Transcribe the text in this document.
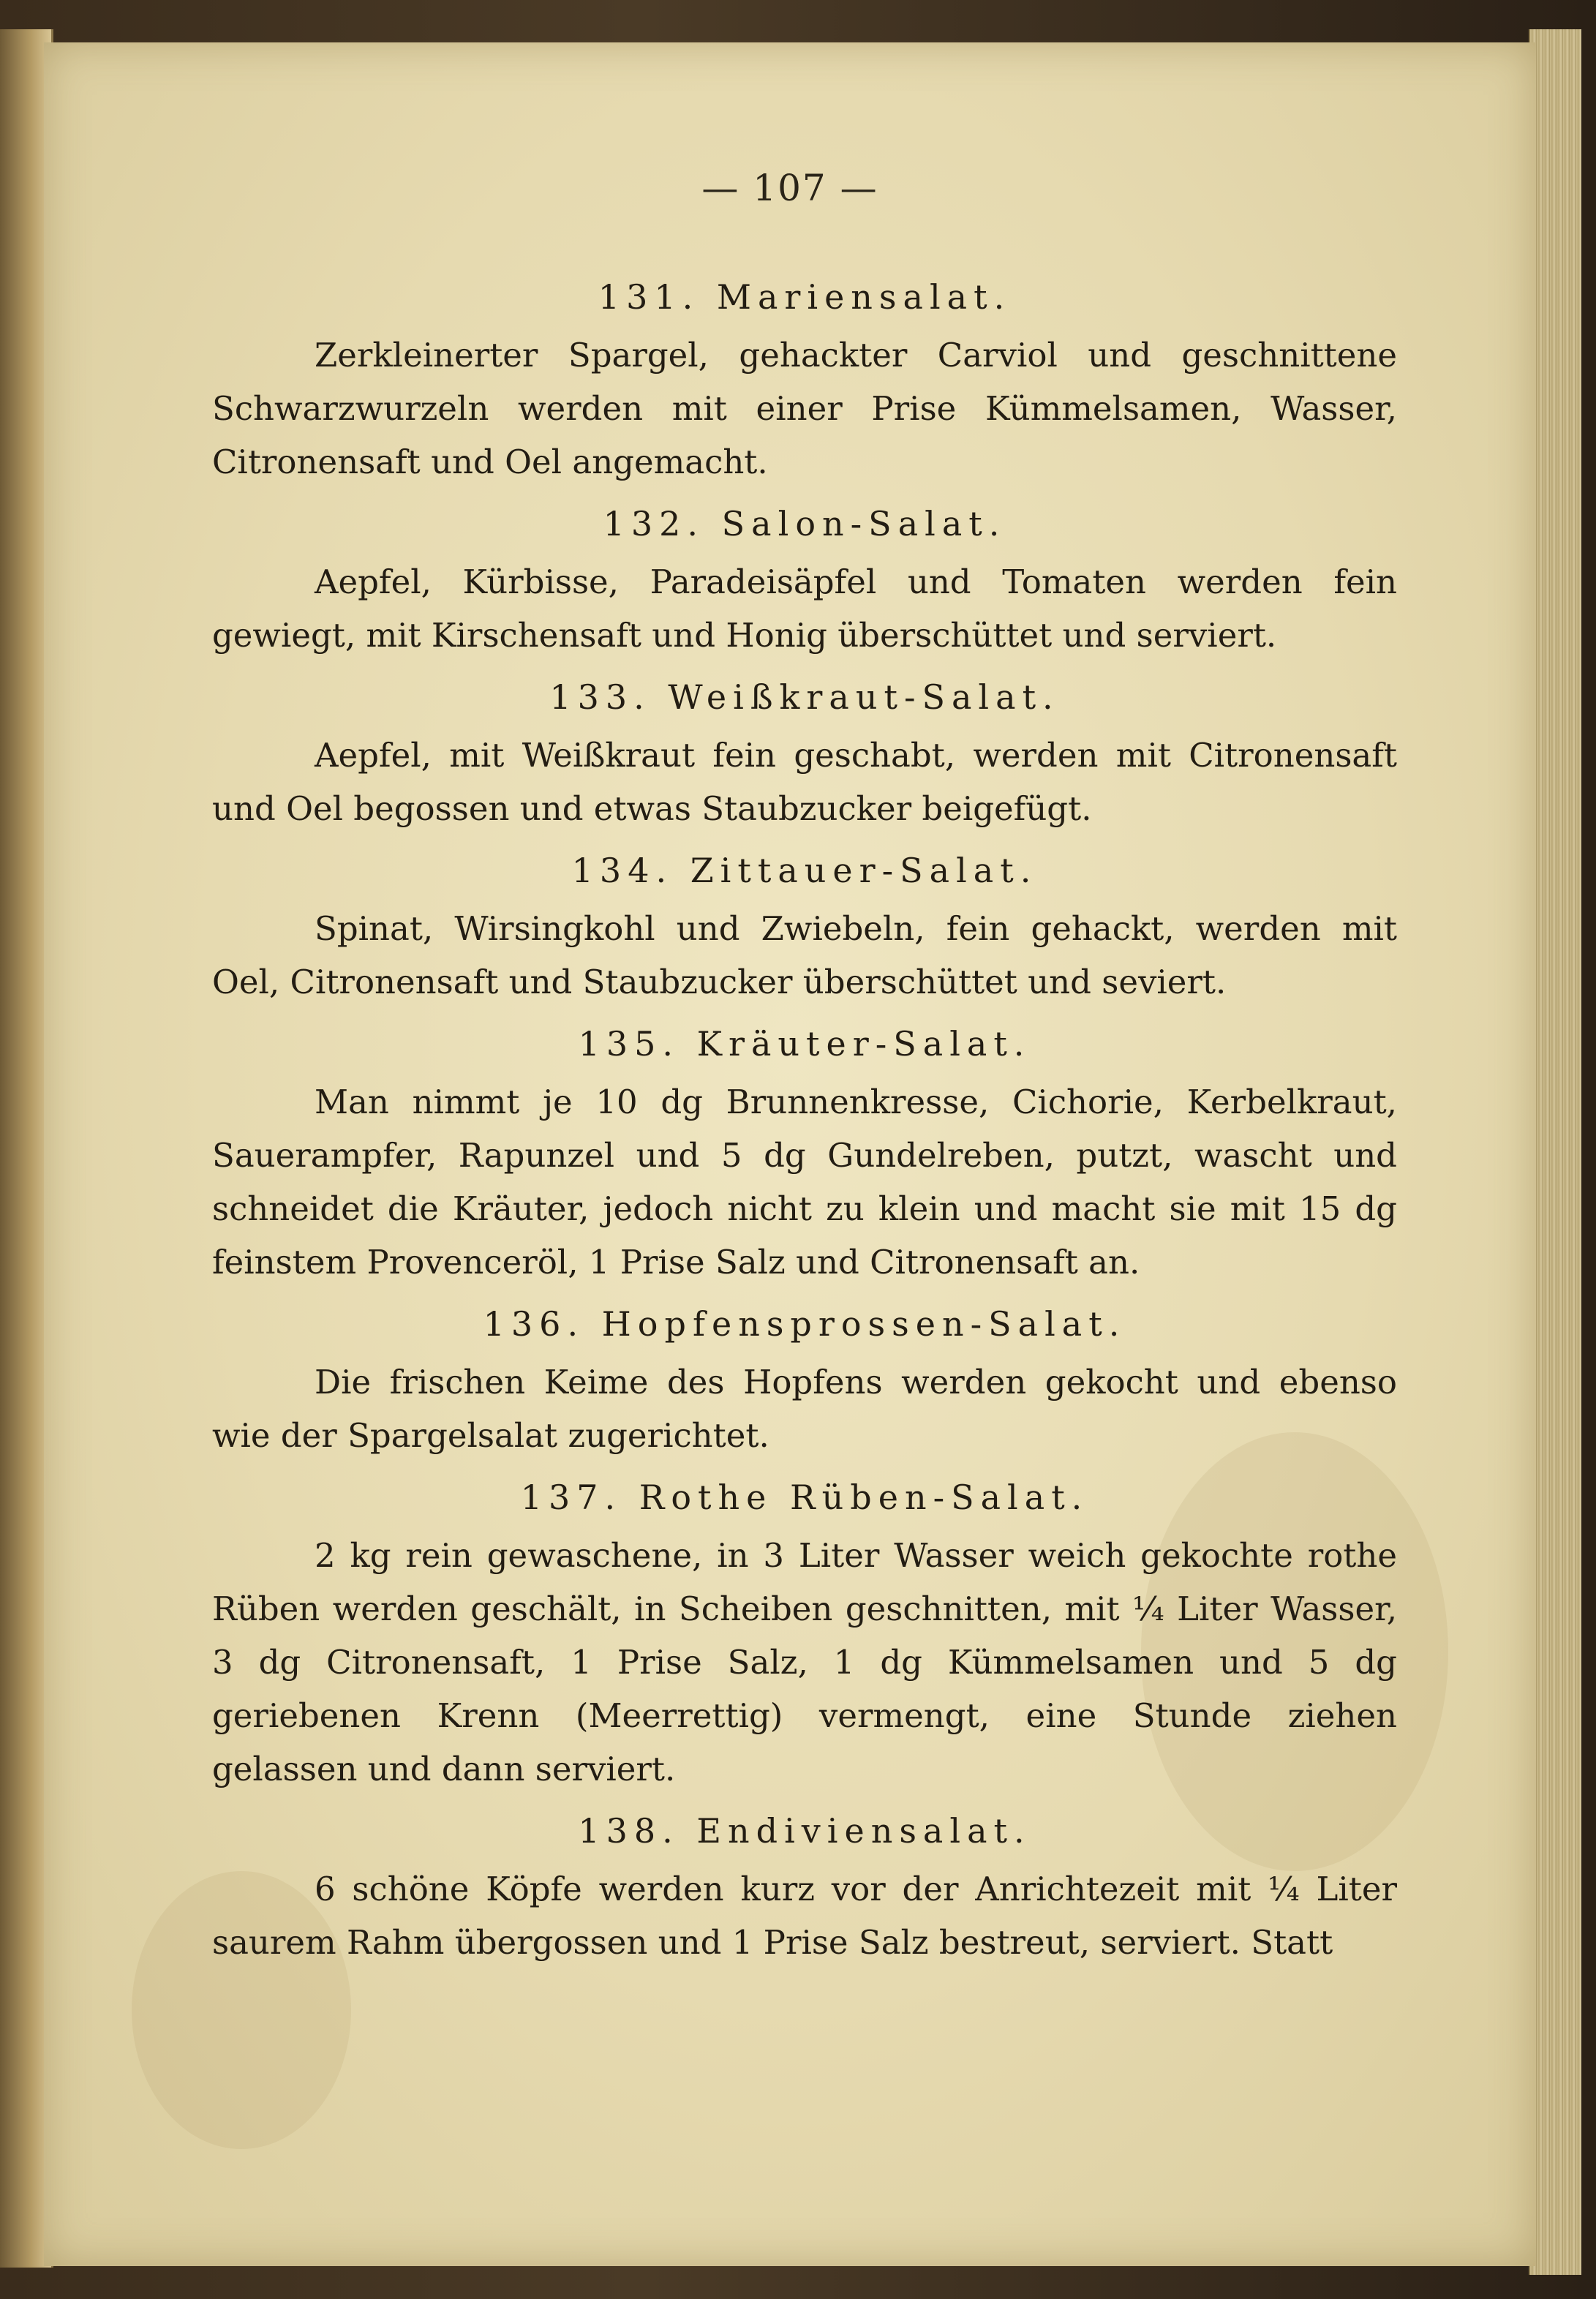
— 107 —
131. Mariensalat.

Zerkleinerter Spargel, gehackter Carviol und geschnittene Schwarzwurzeln werden mit einer Prise Kümmelsamen, Wasser, Citronensaft und Oel angemacht.

132. Salon-Salat.

Aepfel, Kürbisse, Paradeisäpfel und Tomaten werden fein gewiegt, mit Kirschensaft und Honig überschüttet und serviert.

133. Weißkraut-Salat.

Aepfel, mit Weißkraut fein geschabt, werden mit Citronensaft und Oel begossen und etwas Staubzucker beigefügt.

134. Zittauer-Salat.

Spinat, Wirsingkohl und Zwiebeln, fein gehackt, werden mit Oel, Citronensaft und Staubzucker überschüttet und seviert.

135. Kräuter-Salat.

Man nimmt je 10 dg Brunnenkresse, Cichorie, Kerbelkraut, Sauerampfer, Rapunzel und 5 dg Gundelreben, putzt, wascht und schneidet die Kräuter, jedoch nicht zu klein und macht sie mit 15 dg feinstem Provenceröl, 1 Prise Salz und Citronensaft an.

136. Hopfensprossen-Salat.

Die frischen Keime des Hopfens werden gekocht und ebenso wie der Spargelsalat zugerichtet.

137. Rothe Rüben-Salat.

2 kg rein gewaschene, in 3 Liter Wasser weich gekochte rothe Rüben werden geschält, in Scheiben geschnitten, mit ¼ Liter Wasser, 3 dg Citronensaft, 1 Prise Salz, 1 dg Kümmelsamen und 5 dg geriebenen Krenn (Meerrettig) vermengt, eine Stunde ziehen gelassen und dann serviert.

138. Endiviensalat.

6 schöne Köpfe werden kurz vor der Anrichtezeit mit ¼ Liter saurem Rahm übergossen und 1 Prise Salz bestreut, serviert. Statt
